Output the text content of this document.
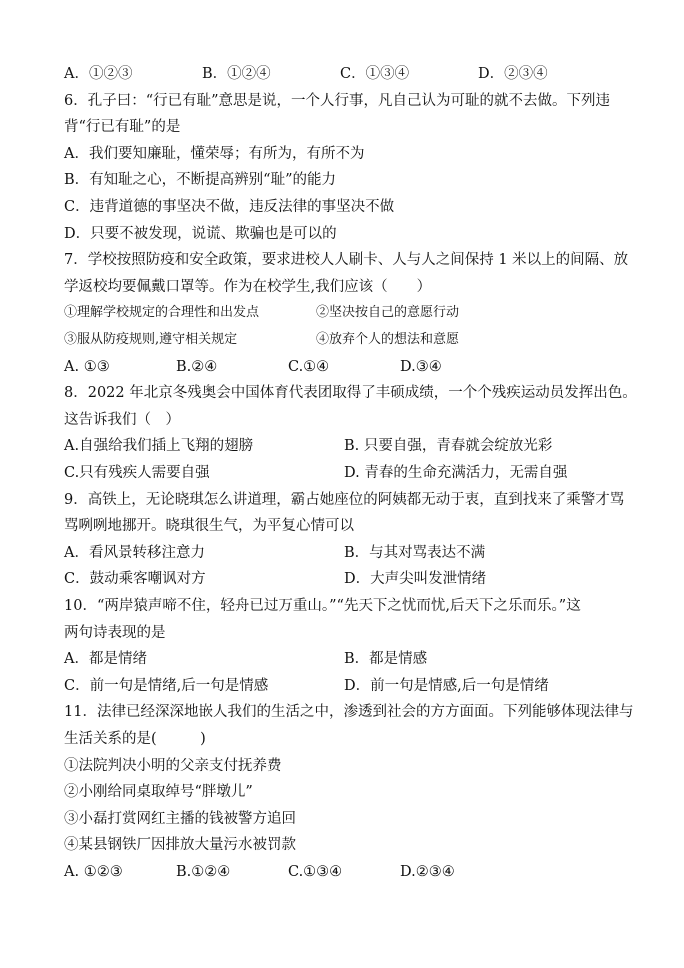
A．①②③	B．①②④	C．①③④	D．②③④
6．孔子曰：“行已有耻”意思是说，一个人行事，凡自己认为可耻的就不去做。下列违
背“行已有耻”的是
A．我们要知廉耻，懂荣辱；有所为，有所不为
B．有知耻之心，不断提高辨别“耻”的能力
C．违背道德的事坚决不做，违反法律的事坚决不做
D．只要不被发现，说谎、欺骗也是可以的
7．学校按照防疫和安全政策，要求进校人人刷卡、人与人之间保持 1 米以上的间隔、放
学返校均要佩戴口罩等。作为在校学生,我们应该（　　）
①理解学校规定的合理性和出发点	②坚决按自己的意愿行动
③服从防疫规则,遵守相关规定	④放弃个人的想法和意愿
A. ①③	B.②④	C.①④	D.③④
8．2022 年北京冬残奥会中国体育代表团取得了丰硕成绩，一个个残疾运动员发挥出色。
这告诉我们（　）
A.自强给我们插上飞翔的翅膀	B. 只要自强，青春就会绽放光彩
C.只有残疾人需要自强	D. 青春的生命充满活力，无需自强
9．高铁上，无论晓琪怎么讲道理，霸占她座位的阿姨都无动于衷，直到找来了乘警才骂
骂咧咧地挪开。晓琪很生气，为平复心情可以
A．看风景转移注意力	B．与其对骂表达不满
C．鼓动乘客嘲讽对方	D．大声尖叫发泄情绪
10．“两岸猿声啼不住，轻舟已过万重山。”“先天下之忧而忧,后天下之乐而乐。”这
两句诗表现的是
A．都是情绪	B．都是情感
C．前一句是情绪,后一句是情感	D．前一句是情感,后一句是情绪
11．法律已经深深地嵌人我们的生活之中，渗透到社会的方方面面。下列能够体现法律与
生活关系的是(　　　)
①法院判决小明的父亲支付抚养费
②小刚给同桌取绰号“胖墩儿”
③小磊打赏网红主播的钱被警方追回
④某县钢铁厂因排放大量污水被罚款
A. ①②③	B.①②④	C.①③④	D.②③④
